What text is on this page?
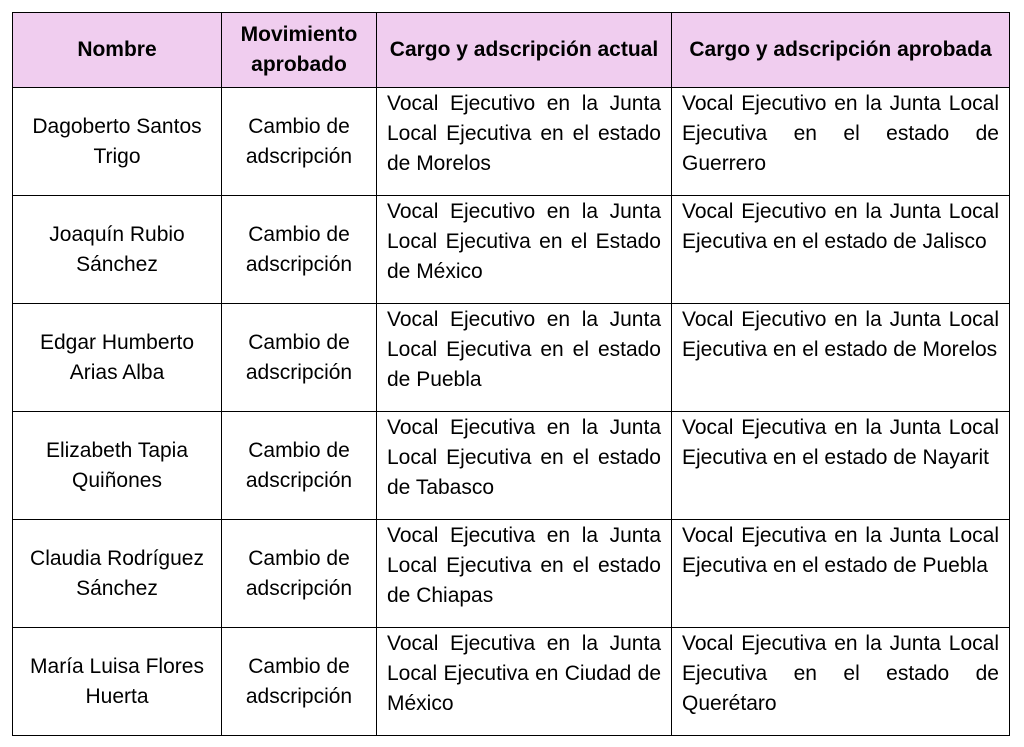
Nombre	Movimiento aprobado	Cargo y adscripción actual	Cargo y adscripción aprobada
Dagoberto Santos Trigo	Cambio de adscripción	Vocal Ejecutivo en la Junta Local Ejecutiva en el estado de Morelos	Vocal Ejecutivo en la Junta Local Ejecutiva en el estado de Guerrero
Joaquín Rubio Sánchez	Cambio de adscripción	Vocal Ejecutivo en la Junta Local Ejecutiva en el Estado de México	Vocal Ejecutivo en la Junta Local Ejecutiva en el estado de Jalisco
Edgar Humberto Arias Alba	Cambio de adscripción	Vocal Ejecutivo en la Junta Local Ejecutiva en el estado de Puebla	Vocal Ejecutivo en la Junta Local Ejecutiva en el estado de Morelos
Elizabeth Tapia Quiñones	Cambio de adscripción	Vocal Ejecutiva en la Junta Local Ejecutiva en el estado de Tabasco	Vocal Ejecutiva en la Junta Local Ejecutiva en el estado de Nayarit
Claudia Rodríguez Sánchez	Cambio de adscripción	Vocal Ejecutiva en la Junta Local Ejecutiva en el estado de Chiapas	Vocal Ejecutiva en la Junta Local Ejecutiva en el estado de Puebla
María Luisa Flores Huerta	Cambio de adscripción	Vocal Ejecutiva en la Junta Local Ejecutiva en Ciudad de México	Vocal Ejecutiva en la Junta Local Ejecutiva en el estado de Querétaro
